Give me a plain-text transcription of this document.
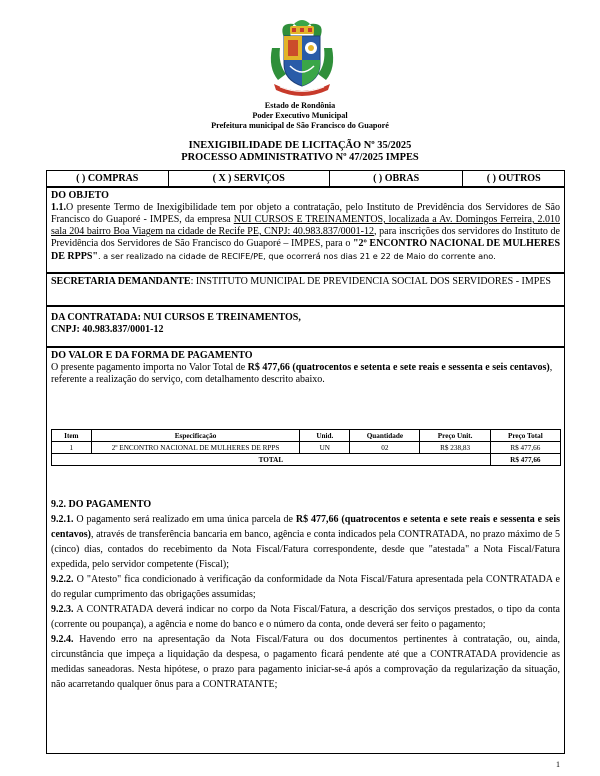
Estado de Rondônia
Poder Executivo Municipal
Prefeitura municipal de São Francisco do Guaporé
INEXIGIBILIDADE DE LICITAÇÃO Nº 35/2025
PROCESSO ADMINISTRATIVO Nº 47/2025 IMPES
( ) COMPRAS	( X ) SERVIÇOS	( ) OBRAS	( ) OUTROS
DO OBJETO
1.1.O presente Termo de Inexigibilidade tem por objeto a contratação, pelo Instituto de Previdência dos Servidores de São Francisco do Guaporé - IMPES, da empresa NUI CURSOS E TREINAMENTOS, localizada a Av. Domingos Ferreira, 2.010 sala 204 bairro Boa Viagem na cidade de Recife PE, CNPJ: 40.983.837/0001-12, para inscrições dos servidores do Instituto de Previdência dos Servidores de São Francisco do Guaporé – IMPES, para o "2º ENCONTRO NACIONAL DE MULHERES DE RPPS". a ser realizado na cidade de RECIFE/PE, que ocorrerá nos dias 21 e 22 de Maio do corrente ano.
SECRETARIA DEMANDANTE: INSTITUTO MUNICIPAL DE PREVIDENCIA SOCIAL DOS SERVIDORES - IMPES
DA CONTRATADA: NUI CURSOS E TREINAMENTOS,
CNPJ: 40.983.837/0001-12
DO VALOR E DA FORMA DE PAGAMENTO
O presente pagamento importa no Valor Total de R$ 477,66 (quatrocentos e setenta e sete reais e sessenta e seis centavos), referente a realização do serviço, com detalhamento descrito abaixo.
Item	Especificação	Unid.	Quantidade	Preço Unit.	Preço Total
1	2º ENCONTRO NACIONAL DE MULHERES DE RPPS	UN	02	R$ 238,83	R$ 477,66
TOTAL					R$ 477,66

9.2. DO PAGAMENTO

9.2.1. O pagamento será realizado em uma única parcela de R$ 477,66 (quatrocentos e setenta e sete reais e sessenta e seis centavos), através de transferência bancaria em banco, agência e conta indicados pela CONTRATADA, no prazo máximo de 5 (cinco) dias, contados do recebimento da Nota Fiscal/Fatura correspondente, desde que "atestada" a Nota Fiscal/Fatura expedida, pelo servidor competente (Fiscal);

9.2.2. O "Atesto" fica condicionado à verificação da conformidade da Nota Fiscal/Fatura apresentada pela CONTRATADA e do regular cumprimento das obrigações assumidas;

9.2.3. A CONTRATADA deverá indicar no corpo da Nota Fiscal/Fatura, a descrição dos serviços prestados, o tipo da conta (corrente ou poupança), a agência e nome do banco e o número da conta, onde deverá ser feito o pagamento;

9.2.4. Havendo erro na apresentação da Nota Fiscal/Fatura ou dos documentos pertinentes à contratação, ou, ainda, circunstância que impeça a liquidação da despesa, o pagamento ficará pendente até que a CONTRATADA providencie as medidas saneadoras. Nesta hipótese, o prazo para pagamento iniciar-se-á após a comprovação da regularização da situação, não acarretando qualquer ônus para a CONTRATANTE;

1
